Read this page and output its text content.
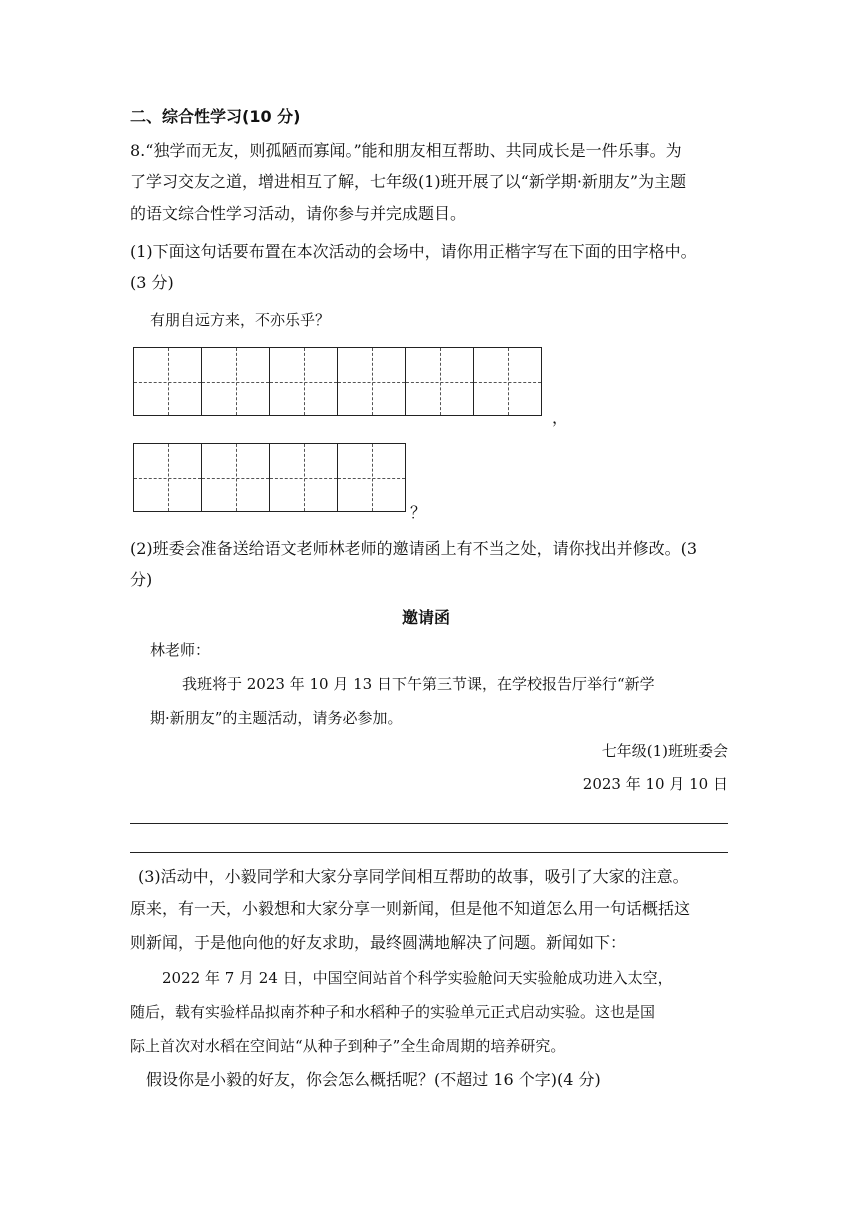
二、综合性学习(10 分)
8.“独学而无友，则孤陋而寡闻。”能和朋友相互帮助、共同成长是一件乐事。为
了学习交友之道，增进相互了解，七年级(1)班开展了以“新学期·新朋友”为主题
的语文综合性学习活动，请你参与并完成题目。
(1)下面这句话要布置在本次活动的会场中，请你用正楷字写在下面的田字格中。
(3 分)
有朋自远方来，不亦乐乎？
，
？
(2)班委会准备送给语文老师林老师的邀请函上有不当之处，请你找出并修改。(3
分)
邀请函
林老师：
我班将于 2023 年 10 月 13 日下午第三节课，在学校报告厅举行“新学
期·新朋友”的主题活动，请务必参加。
七年级(1)班班委会
2023 年 10 月 10 日
(3)活动中，小毅同学和大家分享同学间相互帮助的故事，吸引了大家的注意。
原来，有一天，小毅想和大家分享一则新闻，但是他不知道怎么用一句话概括这
则新闻，于是他向他的好友求助，最终圆满地解决了问题。新闻如下：
2022 年 7 月 24 日，中国空间站首个科学实验舱问天实验舱成功进入太空，
随后，载有实验样品拟南芥种子和水稻种子的实验单元正式启动实验。这也是国
际上首次对水稻在空间站“从种子到种子”全生命周期的培养研究。
假设你是小毅的好友，你会怎么概括呢？(不超过 16 个字)(4 分)
